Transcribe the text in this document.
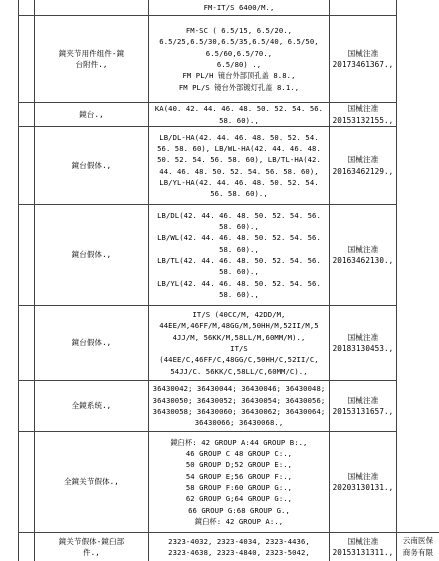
FM-IT/S 6400/M.,
鏡夹节用件组件-鏡
台附件.,
FM-SC ( 6.5/15, 6.5/20.,
6.5/25,6.5/30,6.5/35,6.5/40, 6.5/50,
6.5/60,6.5/70.,
6.5/80) .,
FM PL/H 镜台外部顶孔盖 8.8.,
FM PL/S 镜台外部镀灯孔盖 8.1.,
国械注准
20173461367.,
鏡台.,
KA(40. 42. 44. 46. 48. 50. 52. 54. 56.
58. 60).,
国械注准
20153132155.,
鏡台假体.,
LB/DL-HA(42. 44. 46. 48. 50. 52. 54.
56. 58. 60), LB/WL-HA(42. 44. 46. 48.
50. 52. 54. 56. 58. 60), LB/TL-HA(42.
44. 46. 48. 50. 52. 54. 56. 58. 60),
LB/YL-HA(42. 44. 46. 48. 50. 52. 54.
56. 58. 60).,
国械注准
20163462129.,
鏡台假体.,
LB/DL(42. 44. 46. 48. 50. 52. 54. 56.
58. 60).,
LB/WL(42. 44. 46. 48. 50. 52. 54. 56.
58. 60).,
LB/TL(42. 44. 46. 48. 50. 52. 54. 56.
58. 60).,
LB/YL(42. 44. 46. 48. 50. 52. 54. 56.
58. 60).,
国械注准
20163462130.,
鏡台假体.,
IT/S (40CC/M, 42DD/M,
44EE/M,46FF/M,48GG/M,50HH/M,52II/M,5
4JJ/M, 56KK/M,58LL/M,60MM/M).,
IT/S
(44EE/C,46FF/C,48GG/C,50HH/C,52II/C,
54JJ/C. 56KK/C,58LL/C,60MM/C).,
国械注准
20183130453.,
全鏡系统.,
36430042; 36430044; 36430046; 36430048;
36430050; 36430052; 36430054; 36430056;
36430058; 36430060; 36430062; 36430064;
36430066; 36430068.,
国械注准
20153131657.,
全鏡关节假体.,
鏡臼杯: 42 GROUP A:44 GROUP B:.,
46 GROUP C 48 GROUP C:.,
50 GROUP D;52 GROUP E:.,
54 GROUP E;56 GROUP F:.,
58 GROUP F:60 GROUP G:.,
62 GROUP G;64 GROUP G:.,
66 GROUP G:68 GROUP G.,
鏡臼杯: 42 GROUP A:.,
国械注准
20203130131.,
鏡关节假体-鏡臼部
件.,
2323-4032, 2323-4034, 2323-4436,
2323-4638, 2323-4840, 2323-5042,
国械注准
20153131311.,
云南医保
商务有限
